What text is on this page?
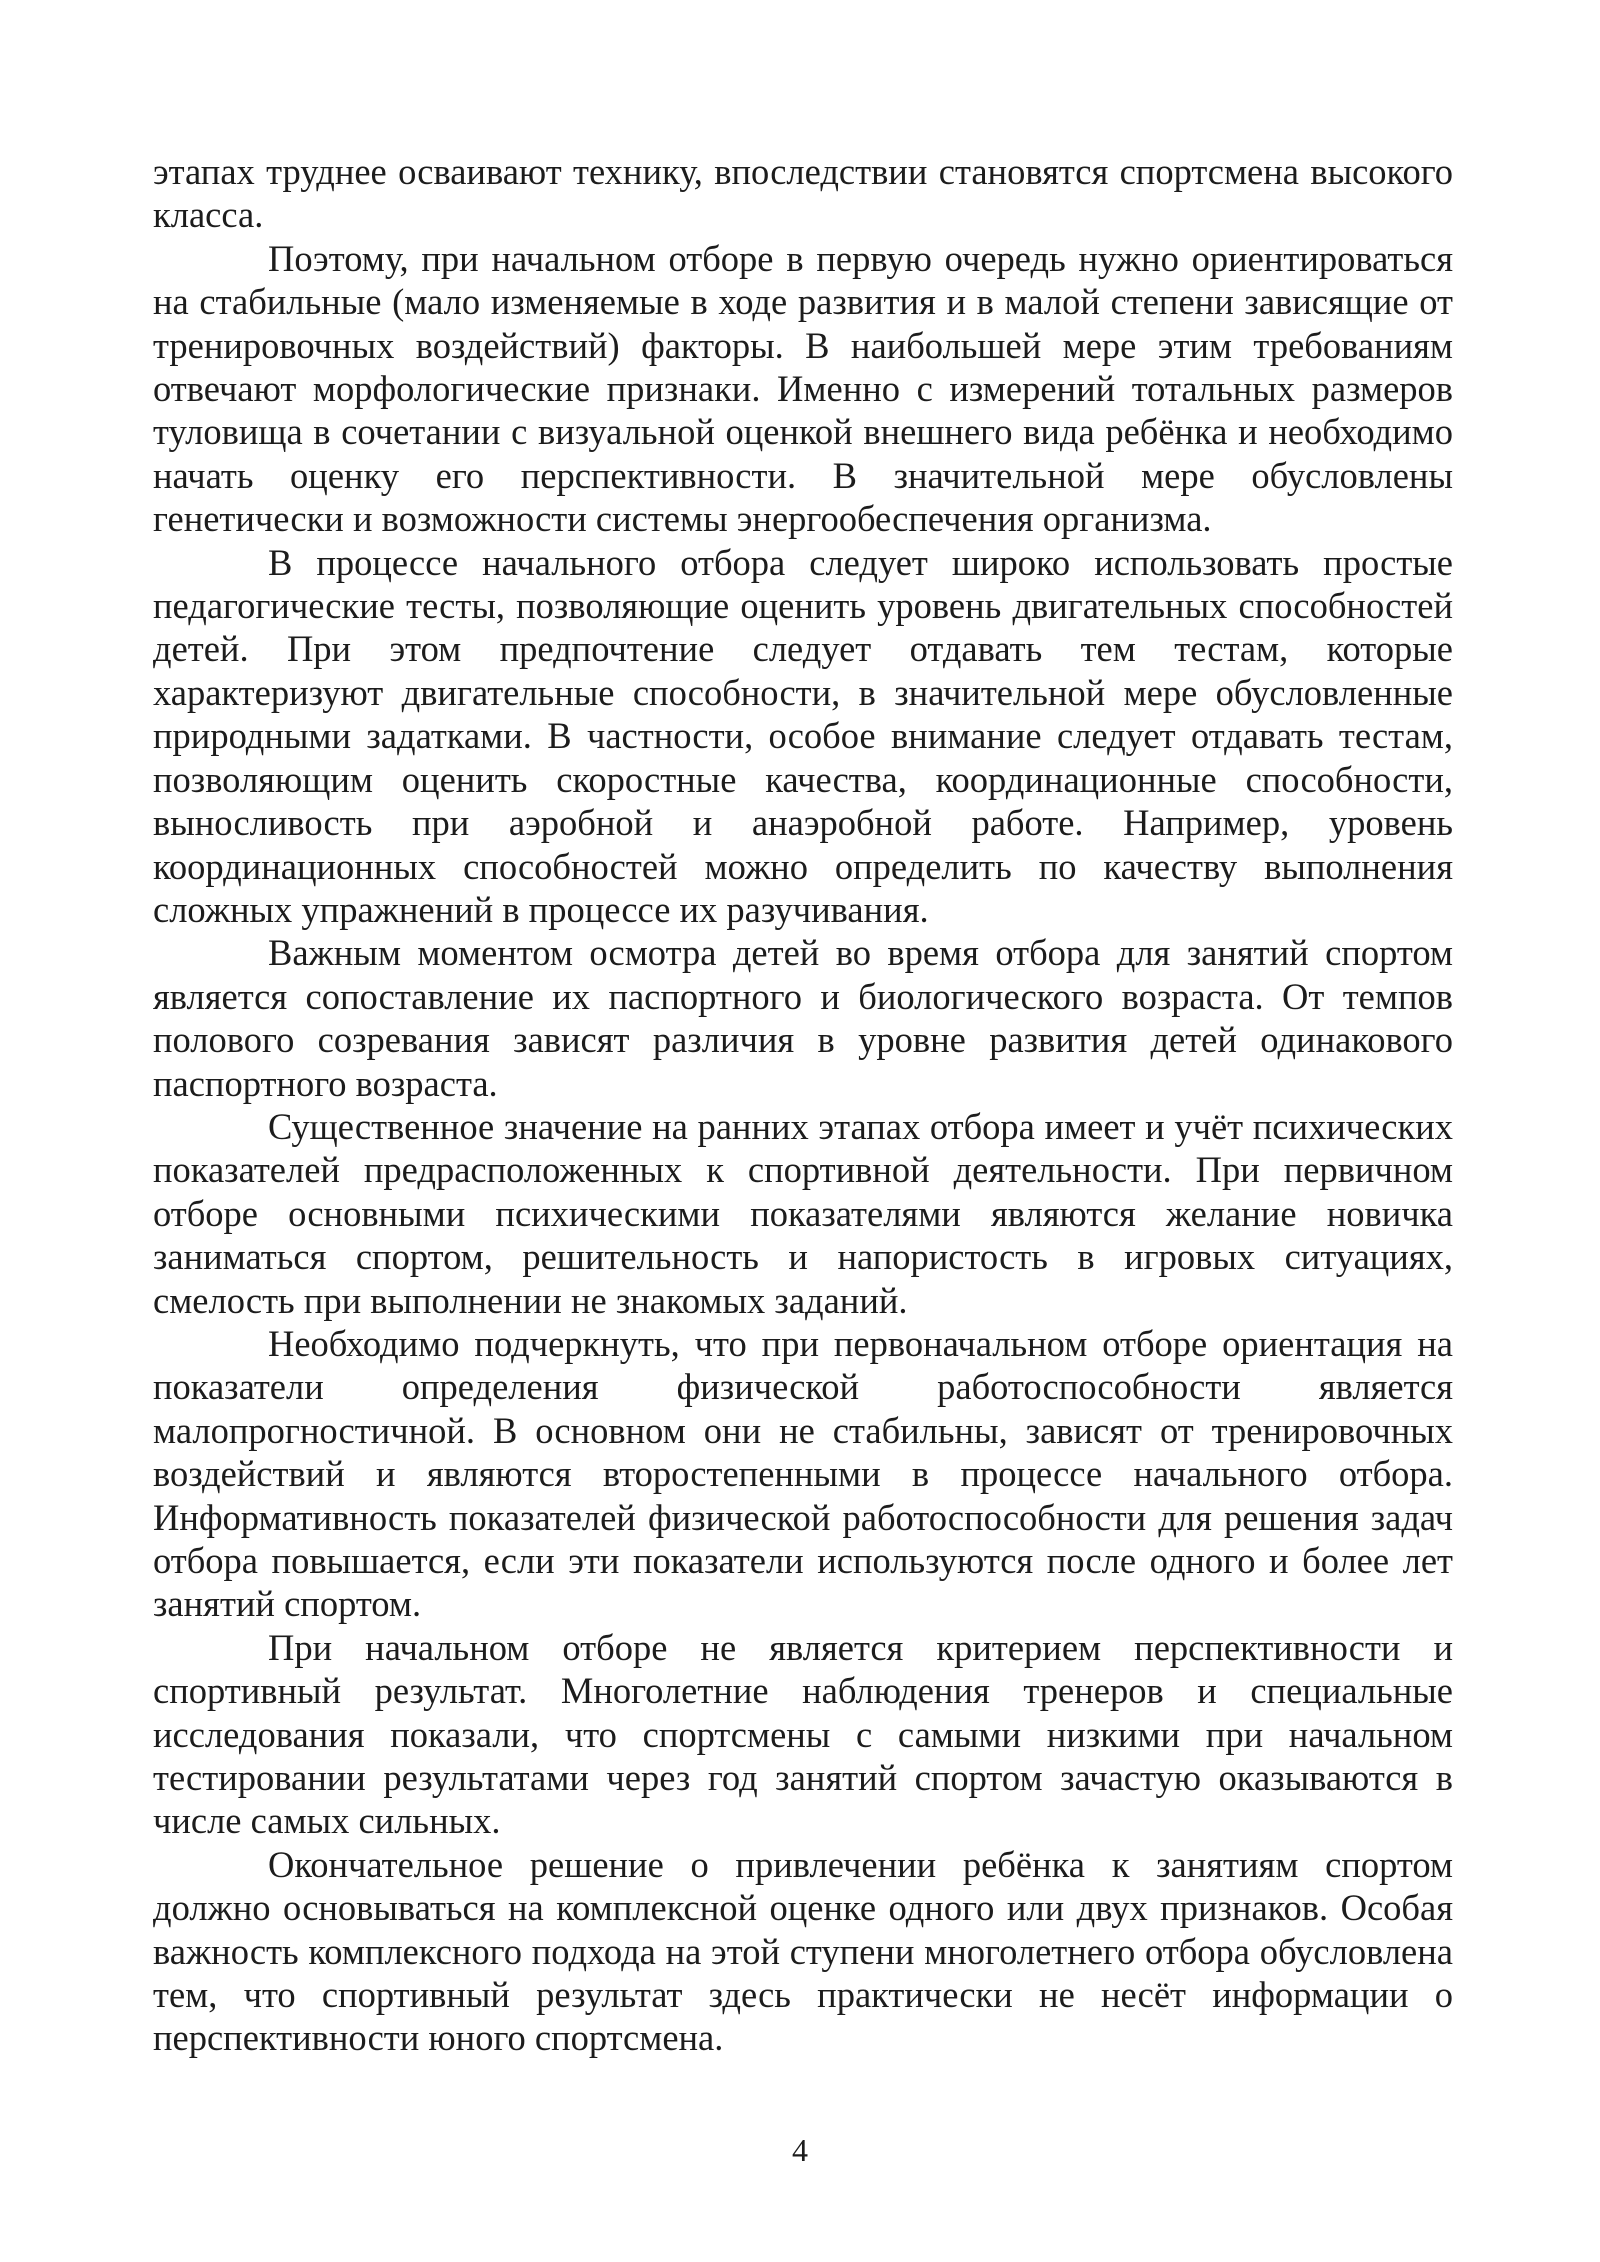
этапах труднее осваивают технику, впоследствии становятся спортсмена высокого класса.

Поэтому, при начальном отборе в первую очередь нужно ориентироваться на стабильные (мало изменяемые в ходе развития и в малой степени зависящие от тренировочных воздействий) факторы. В наибольшей мере этим требованиям отвечают морфологические признаки. Именно с измерений тотальных размеров туловища в сочетании с визуальной оценкой внешнего вида ребёнка и необходимо начать оценку его перспективности. В значительной мере обусловлены генетически и возможности системы энергообеспечения организма.

В процессе начального отбора следует широко использовать простые педагогические тесты, позволяющие оценить уровень двигательных способностей детей. При этом предпочтение следует отдавать тем тестам, которые характеризуют двигательные способности, в значительной мере обусловленные природными задатками. В частности, особое внимание следует отдавать тестам, позволяющим оценить скоростные качества, координационные способности, выносливость при аэробной и анаэробной работе. Например, уровень координационных способностей можно определить по качеству выполнения сложных упражнений в процессе их разучивания.

Важным моментом осмотра детей во время отбора для занятий спортом является сопоставление их паспортного и биологического возраста. От темпов полового созревания зависят различия в уровне развития детей одинакового паспортного возраста.

Существенное значение на ранних этапах отбора имеет и учёт психических показателей предрасположенных к спортивной деятельности. При первичном отборе основными психическими показателями являются желание новичка заниматься спортом, решительность и напористость в игровых ситуациях, смелость при выполнении не знакомых заданий.

Необходимо подчеркнуть, что при первоначальном отборе ориентация на показатели определения физической работоспособности является малопрогностичной. В основном они не стабильны, зависят от тренировочных воздействий и являются второстепенными в процессе начального отбора. Информативность показателей физической работоспособности для решения задач отбора повышается, если эти показатели используются после одного и более лет занятий спортом.

При начальном отборе не является критерием перспективности и спортивный результат. Многолетние наблюдения тренеров и специальные исследования показали, что спортсмены с самыми низкими при начальном тестировании результатами через год занятий спортом зачастую оказываются в числе самых сильных.

Окончательное решение о привлечении ребёнка к занятиям спортом должно основываться на комплексной оценке одного или двух признаков. Особая важность комплексного подхода на этой ступени многолетнего отбора обусловлена тем, что спортивный результат здесь практически не несёт информации о перспективности юного спортсмена.

4
